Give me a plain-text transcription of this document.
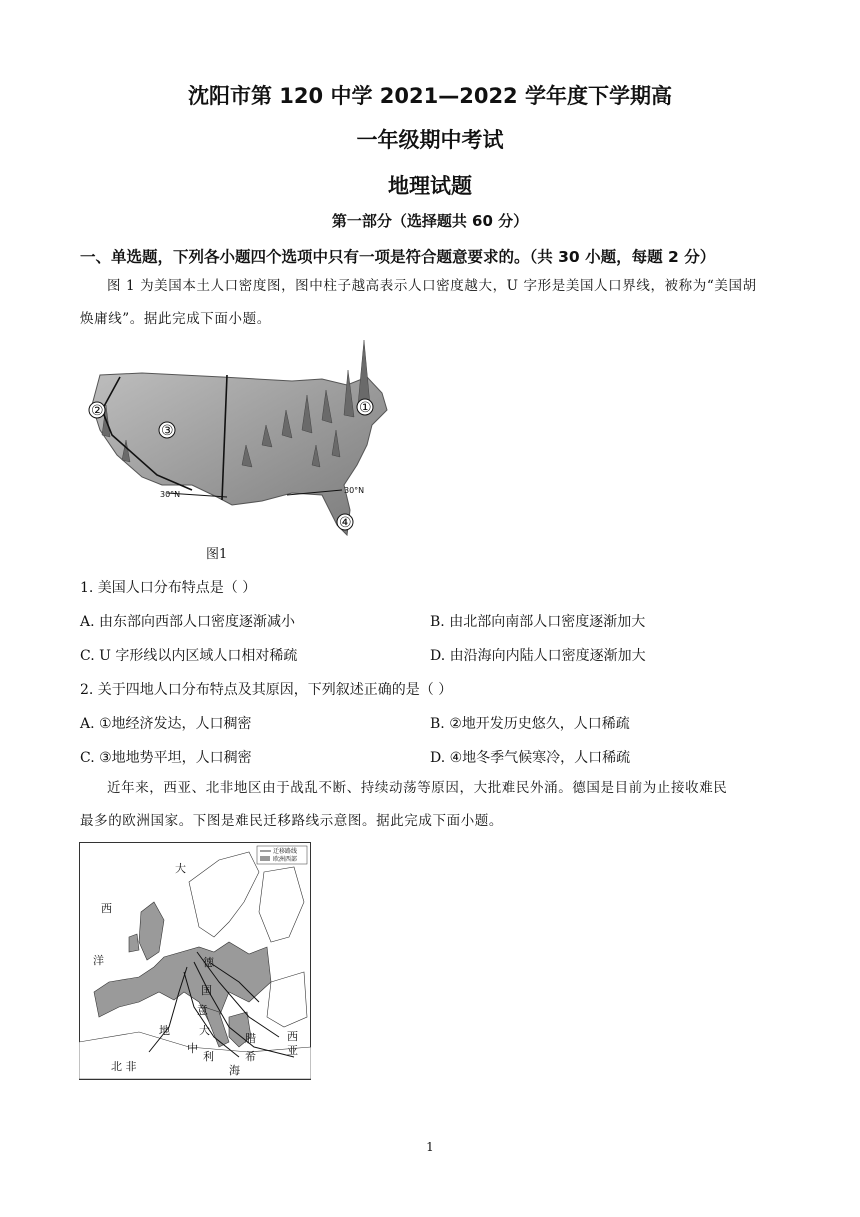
沈阳市第 120 中学 2021—2022 学年度下学期高
一年级期中考试
地理试题
第一部分（选择题共 60 分）
一、单选题，下列各小题四个选项中只有一项是符合题意要求的。（共 30 小题，每题 2 分）
图 1 为美国本土人口密度图，图中柱子越高表示人口密度越大，U 字形是美国人口界线，被称为“美国胡
焕庸线”。据此完成下面小题。
①
②
③
④
30°N	30°N
图1
1. 美国人口分布特点是（ ）
A. 由东部向西部人口密度逐渐减小	B. 由北部向南部人口密度逐渐加大
C. U 字形线以内区域人口相对稀疏	D. 由沿海向内陆人口密度逐渐加大
2. 关于四地人口分布特点及其原因，下列叙述正确的是（ ）
A. ①地经济发达，人口稠密	B. ②地开发历史悠久，人口稀疏
C. ③地地势平坦，人口稠密	D. ④地冬季气候寒冷，人口稀疏
近年来，西亚、北非地区由于战乱不断、持续动荡等原因，大批难民外涌。德国是目前为止接收难民
最多的欧洲国家。下图是难民迁移路线示意图。据此完成下面小题。
迁移路线
欧洲西部
大
西
洋	德
国
意
大
地
中
利
海
希
腊	西
亚
北 非
1
